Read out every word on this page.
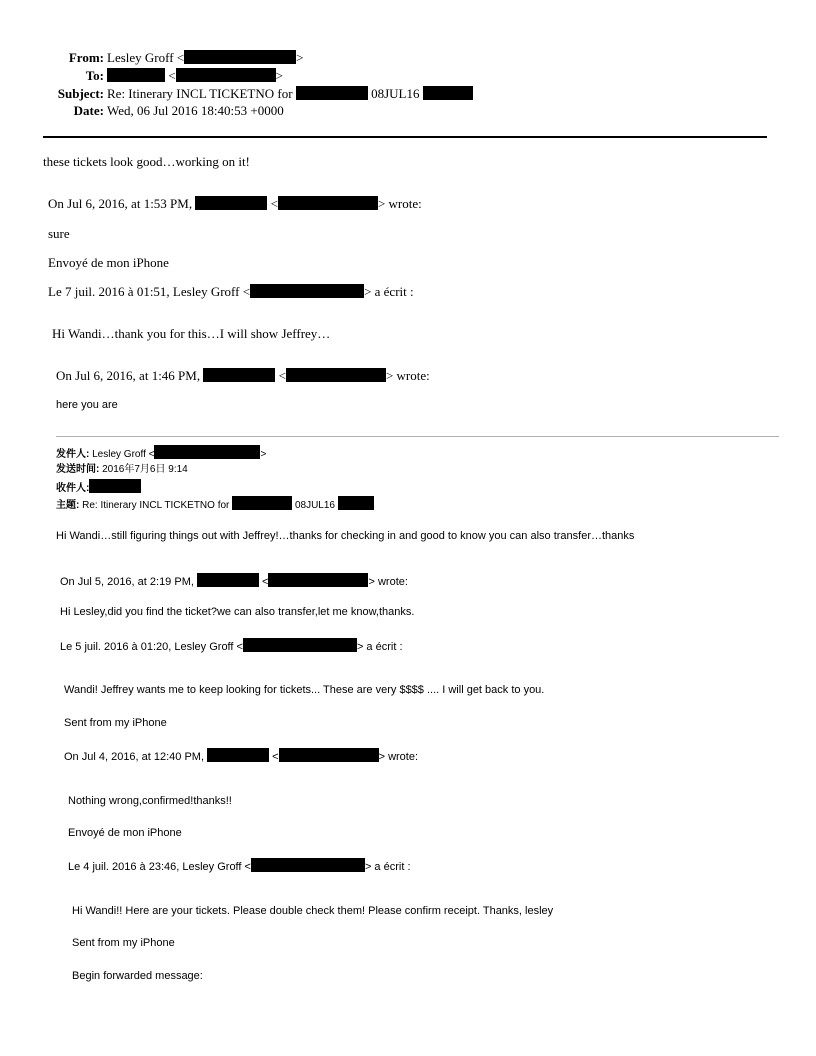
From: Lesley Groff <	>
To:	<	>
Subject: Re: Itinerary INCL TICKETNO for	08JUL16
Date: Wed, 06 Jul 2016 18:40:53 +0000
these tickets look good…working on it!
On Jul 6, 2016, at 1:53 PM,	<	> wrote:
sure
Envoyé de mon iPhone
Le 7 juil. 2016 à 01:51, Lesley Groff <	> a écrit :
Hi Wandi…thank you for this…I will show Jeffrey…
On Jul 6, 2016, at 1:46 PM,	<	> wrote:
here you are
发件人: Lesley Groff <	>
发送时间: 2016年7月6日 9:14
收件人:
主题: Re: Itinerary INCL TICKETNO for	08JUL16
Hi Wandi…still figuring things out with Jeffrey!…thanks for checking in and good to know you can also transfer…thanks
On Jul 5, 2016, at 2:19 PM,	<	> wrote:
Hi Lesley,did you find the ticket?we can also transfer,let me know,thanks.
Le 5 juil. 2016 à 01:20, Lesley Groff <	> a écrit :
Wandi! Jeffrey wants me to keep looking for tickets... These are very $$$$ .... I will get back to you.
Sent from my iPhone
On Jul 4, 2016, at 12:40 PM,	<	> wrote:
Nothing wrong,confirmed!thanks!!
Envoyé de mon iPhone
Le 4 juil. 2016 à 23:46, Lesley Groff <	> a écrit :
Hi Wandi!! Here are your tickets. Please double check them! Please confirm receipt. Thanks, lesley
Sent from my iPhone
Begin forwarded message:
